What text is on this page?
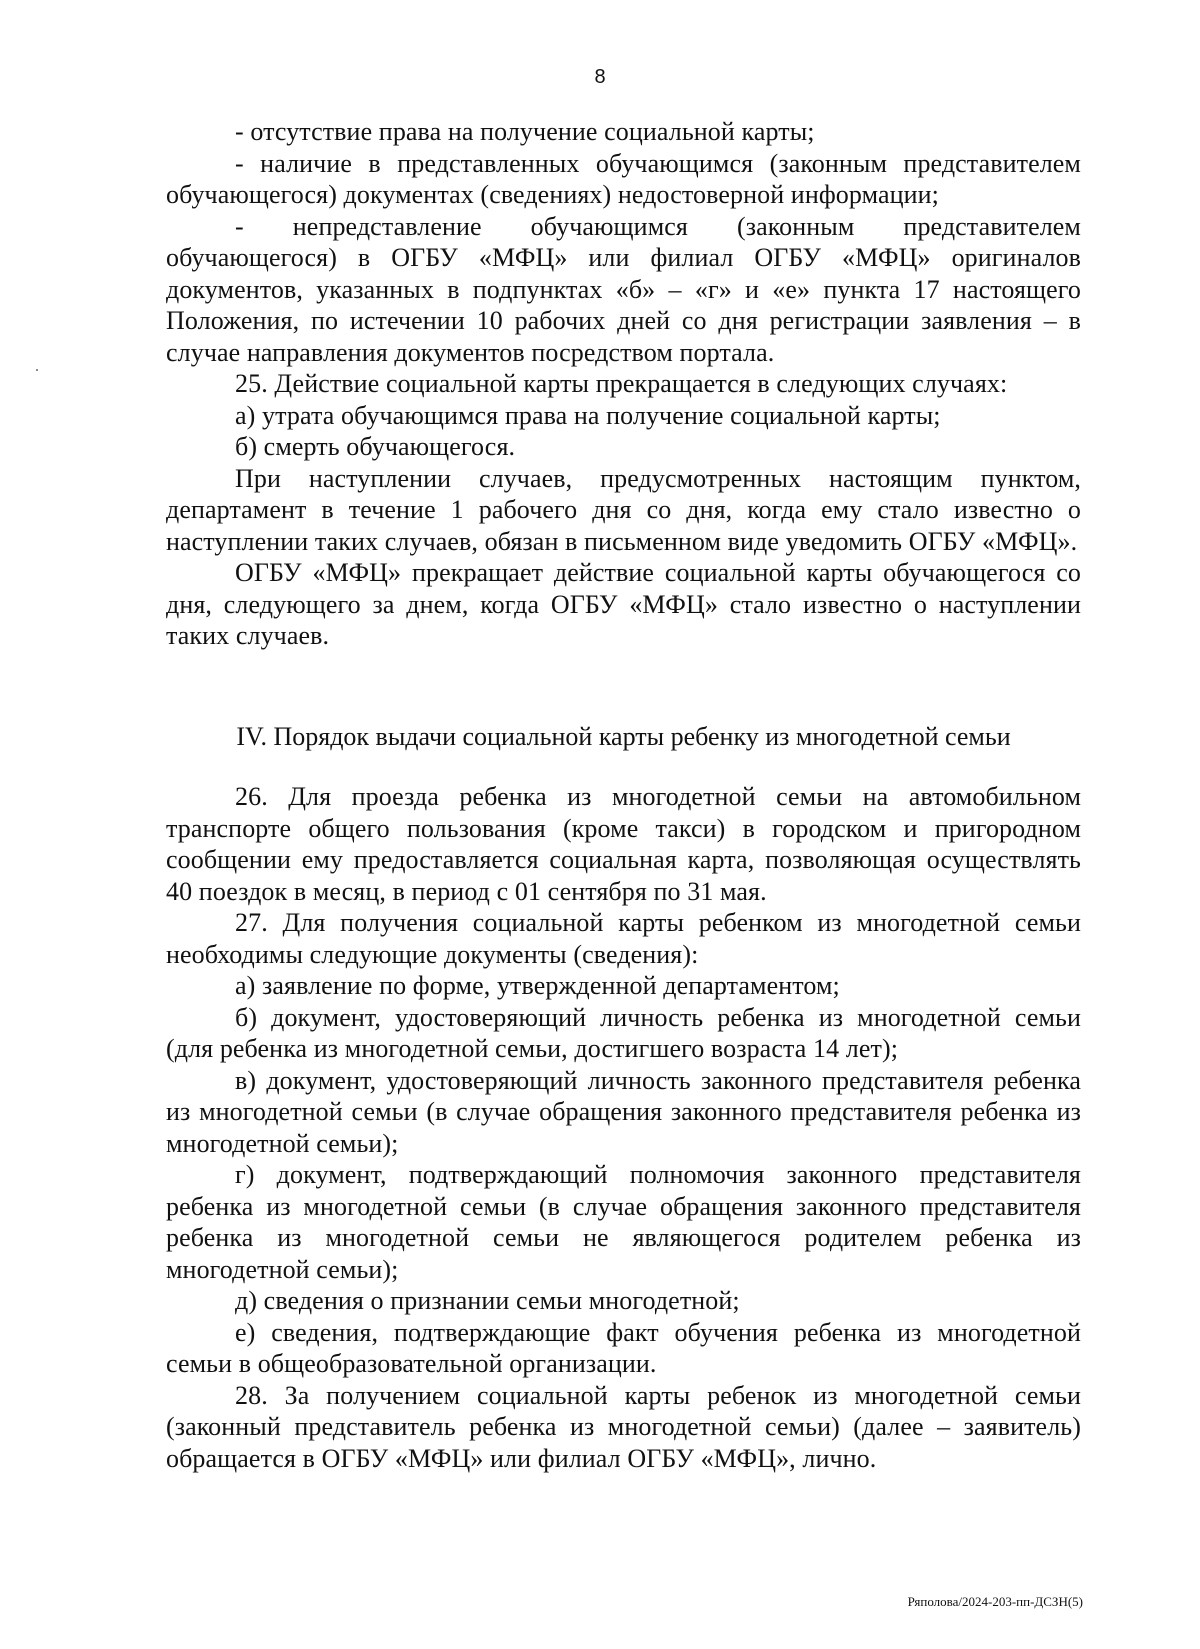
8

- отсутствие права на получение социальной карты;

- наличие в представленных обучающимся (законным представителем обучающегося) документах (сведениях) недостоверной информации;

- непредставление обучающимся (законным представителем обучающегося) в ОГБУ «МФЦ» или филиал ОГБУ «МФЦ» оригиналов документов, указанных в подпунктах «б» – «г» и «е» пункта 17 настоящего Положения, по истечении 10 рабочих дней со дня регистрации заявления – в случае направления документов посредством портала.

25. Действие социальной карты прекращается в следующих случаях:

а) утрата обучающимся права на получение социальной карты;

б) смерть обучающегося.

При наступлении случаев, предусмотренных настоящим пунктом, департамент в течение 1 рабочего дня со дня, когда ему стало известно о наступлении таких случаев, обязан в письменном виде уведомить ОГБУ «МФЦ».

ОГБУ «МФЦ» прекращает действие социальной карты обучающегося со дня, следующего за днем, когда ОГБУ «МФЦ» стало известно о наступлении таких случаев.

IV. Порядок выдачи социальной карты ребенку из многодетной семьи

26. Для проезда ребенка из многодетной семьи на автомобильном транспорте общего пользования (кроме такси) в городском и пригородном сообщении ему предоставляется социальная карта, позволяющая осуществлять 40 поездок в месяц, в период с 01 сентября по 31 мая.

27. Для получения социальной карты ребенком из многодетной семьи необходимы следующие документы (сведения):

а) заявление по форме, утвержденной департаментом;

б) документ, удостоверяющий личность ребенка из многодетной семьи (для ребенка из многодетной семьи, достигшего возраста 14 лет);

в) документ, удостоверяющий личность законного представителя ребенка из многодетной семьи (в случае обращения законного представителя ребенка из многодетной семьи);

г) документ, подтверждающий полномочия законного представителя ребенка из многодетной семьи (в случае обращения законного представителя ребенка из многодетной семьи не являющегося родителем ребенка из многодетной семьи);

д) сведения о признании семьи многодетной;

е) сведения, подтверждающие факт обучения ребенка из многодетной семьи в общеобразовательной организации.

28. За получением социальной карты ребенок из многодетной семьи (законный представитель ребенка из многодетной семьи) (далее – заявитель) обращается в ОГБУ «МФЦ» или филиал ОГБУ «МФЦ», лично.

Ряполова/2024-203-пп-ДСЗН(5)
